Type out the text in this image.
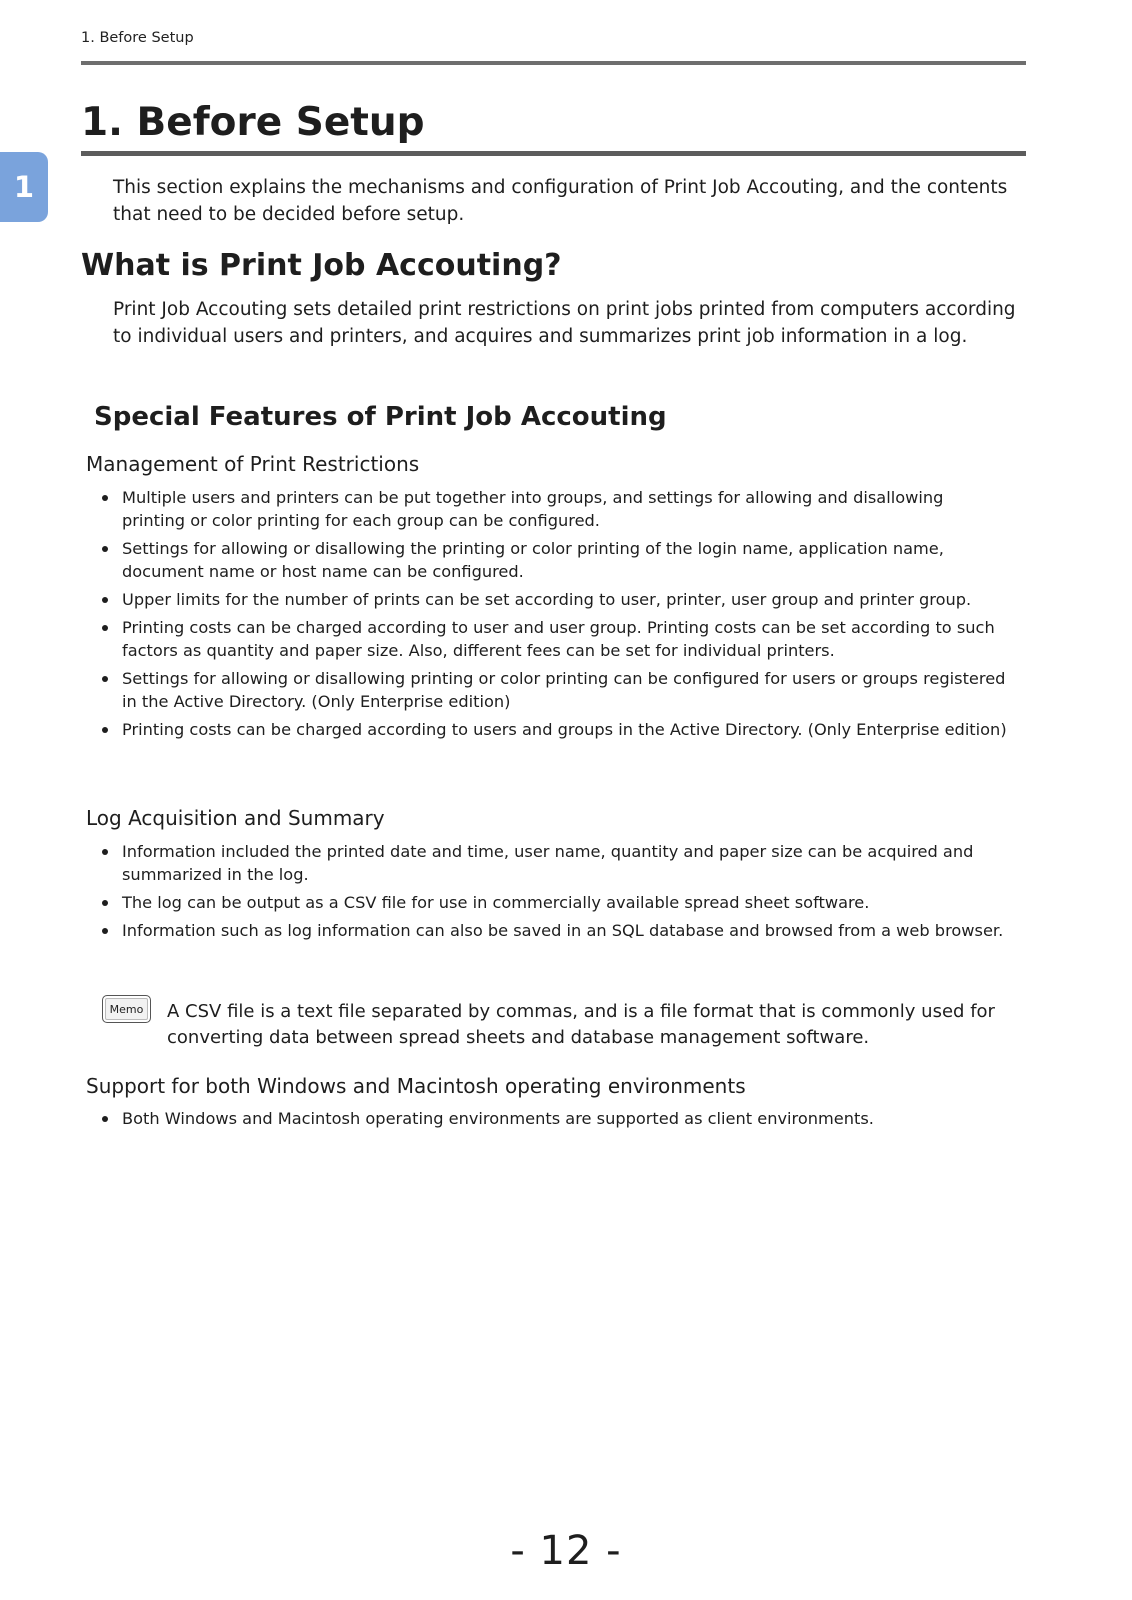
1. Before Setup
1
1. Before Setup

This section explains the mechanisms and configuration of Print Job Accouting, and the contents that need to be decided before setup.

What is Print Job Accouting?

Print Job Accouting sets detailed print restrictions on print jobs printed from computers according to individual users and printers, and acquires and summarizes print job information in a log.

Special Features of Print Job Accouting
Management of Print Restrictions
Multiple users and printers can be put together into groups, and settings for allowing and disallowing printing or color printing for each group can be configured.
Settings for allowing or disallowing the printing or color printing of the login name, application name, document name or host name can be configured.
Upper limits for the number of prints can be set according to user, printer, user group and printer group.
Printing costs can be charged according to user and user group. Printing costs can be set according to such factors as quantity and paper size. Also, different fees can be set for individual printers.
Settings for allowing or disallowing printing or color printing can be configured for users or groups registered in the Active Directory. (Only Enterprise edition)
Printing costs can be charged according to users and groups in the Active Directory. (Only Enterprise edition)
Log Acquisition and Summary
Information included the printed date and time, user name, quantity and paper size can be acquired and summarized in the log.
The log can be output as a CSV file for use in commercially available spread sheet software.
Information such as log information can also be saved in an SQL database and browsed from a web browser.
Memo	A CSV file is a text file separated by commas, and is a file format that is commonly used for converting data between spread sheets and database management software.

Support for both Windows and Macintosh operating environments
Both Windows and Macintosh operating environments are supported as client environments.
- 12 -
